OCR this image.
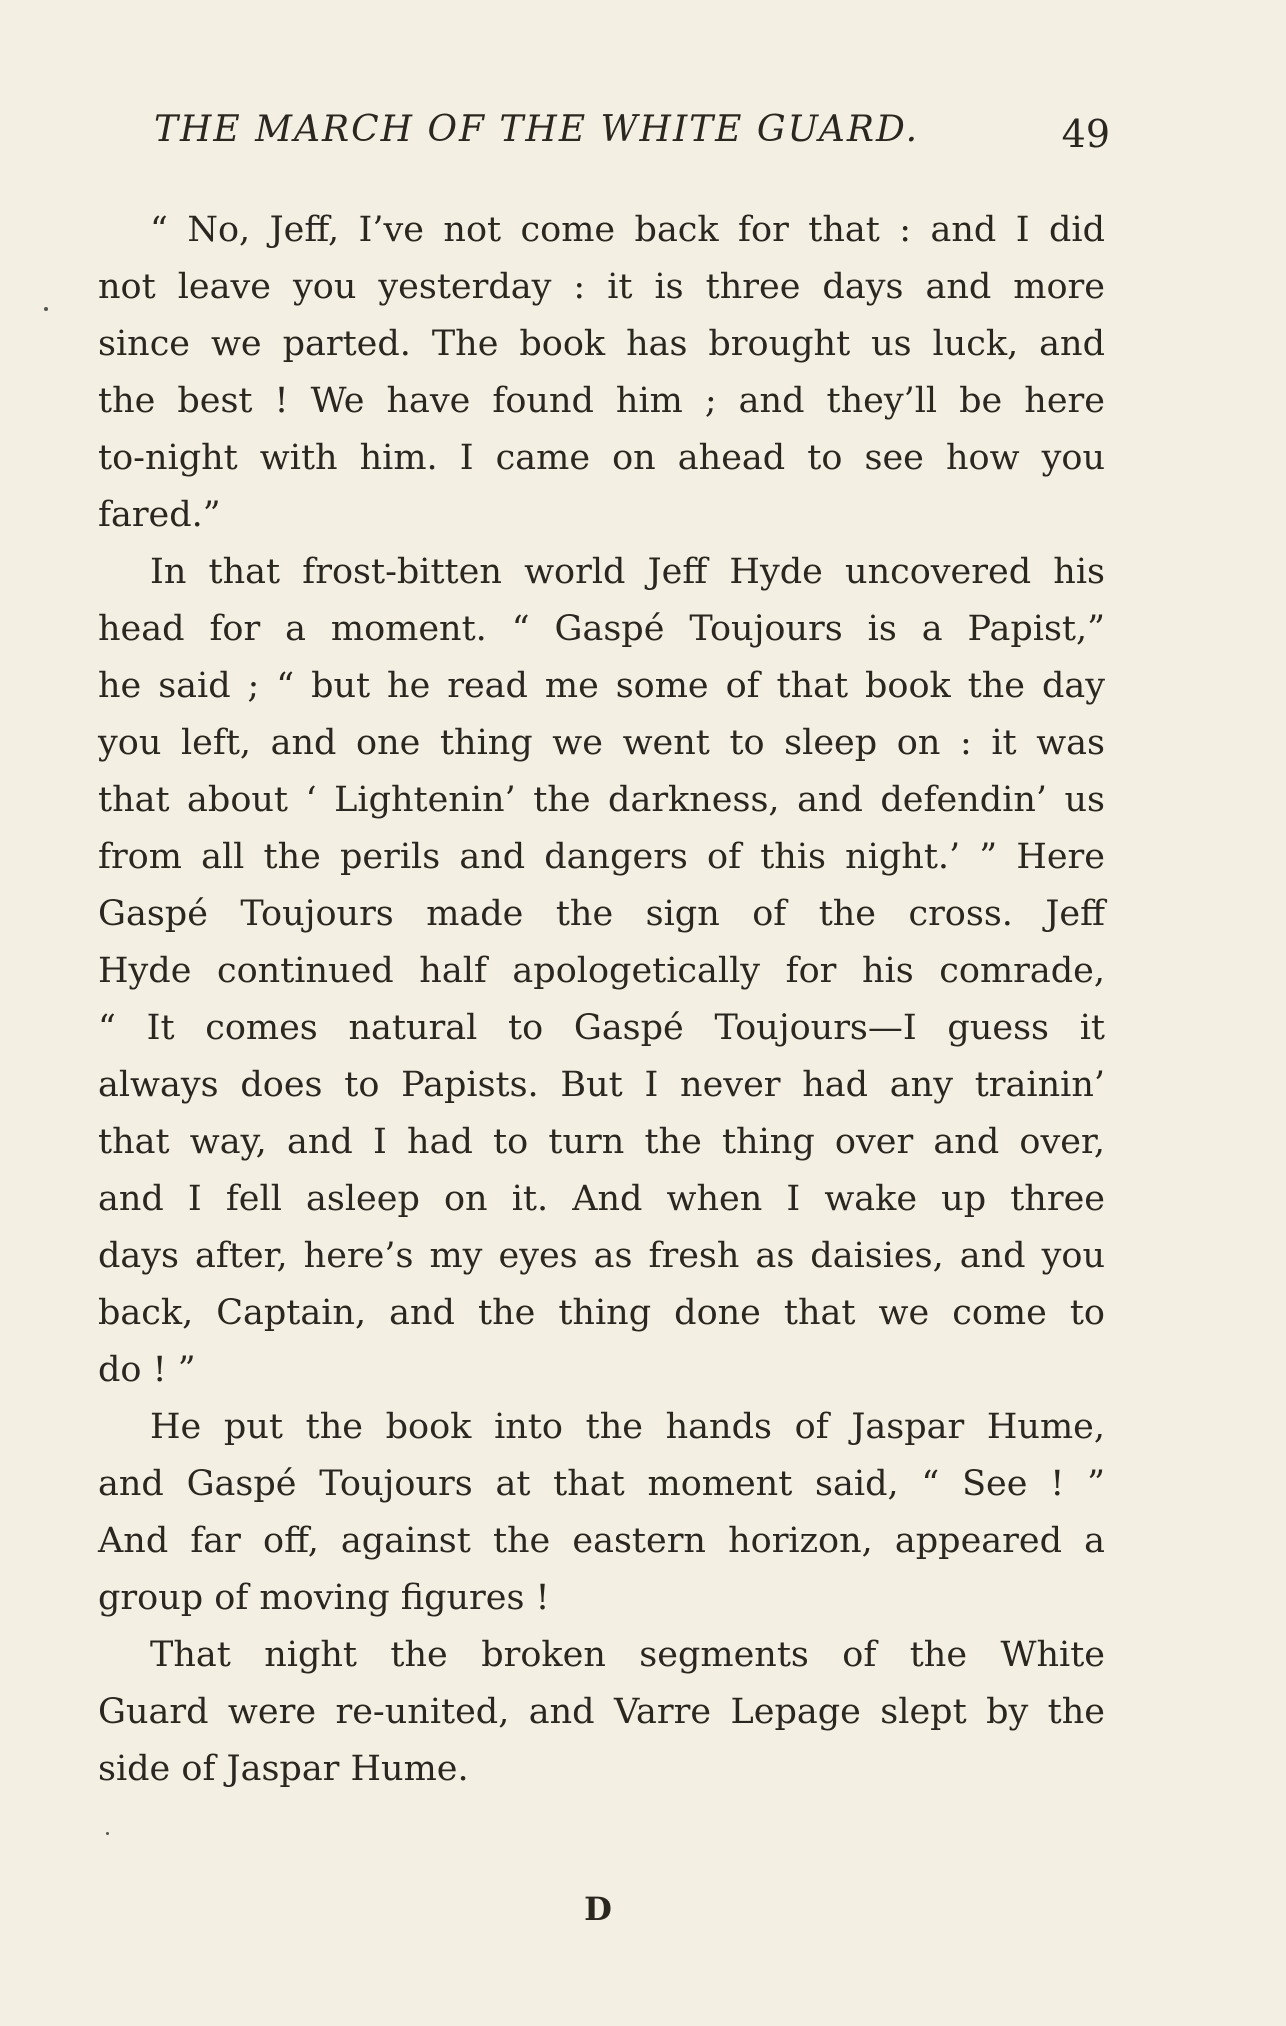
THE MARCH OF THE WHITE GUARD.	49
“ No, Jeff, I’ve not come back for that : and I did
not leave you yesterday : it is three days and more
since we parted. The book has brought us luck, and
the best ! We have found him ; and they’ll be here
to-night with him. I came on ahead to see how you
fared.”
In that frost-bitten world Jeff Hyde uncovered his
head for a moment. “ Gaspé Toujours is a Papist,”
he said ; “ but he read me some of that book the day
you left, and one thing we went to sleep on : it was
that about ‘ Lightenin’ the darkness, and defendin’ us
from all the perils and dangers of this night.’ ” Here
Gaspé Toujours made the sign of the cross. Jeff
Hyde continued half apologetically for his comrade,
“ It comes natural to Gaspé Toujours—I guess it
always does to Papists. But I never had any trainin’
that way, and I had to turn the thing over and over,
and I fell asleep on it. And when I wake up three
days after, here’s my eyes as fresh as daisies, and you
back, Captain, and the thing done that we come to
do ! ”
He put the book into the hands of Jaspar Hume,
and Gaspé Toujours at that moment said, “ See ! ”
And far off, against the eastern horizon, appeared a
group of moving figures !
That night the broken segments of the White
Guard were re-united, and Varre Lepage slept by the
side of Jaspar Hume.
D
